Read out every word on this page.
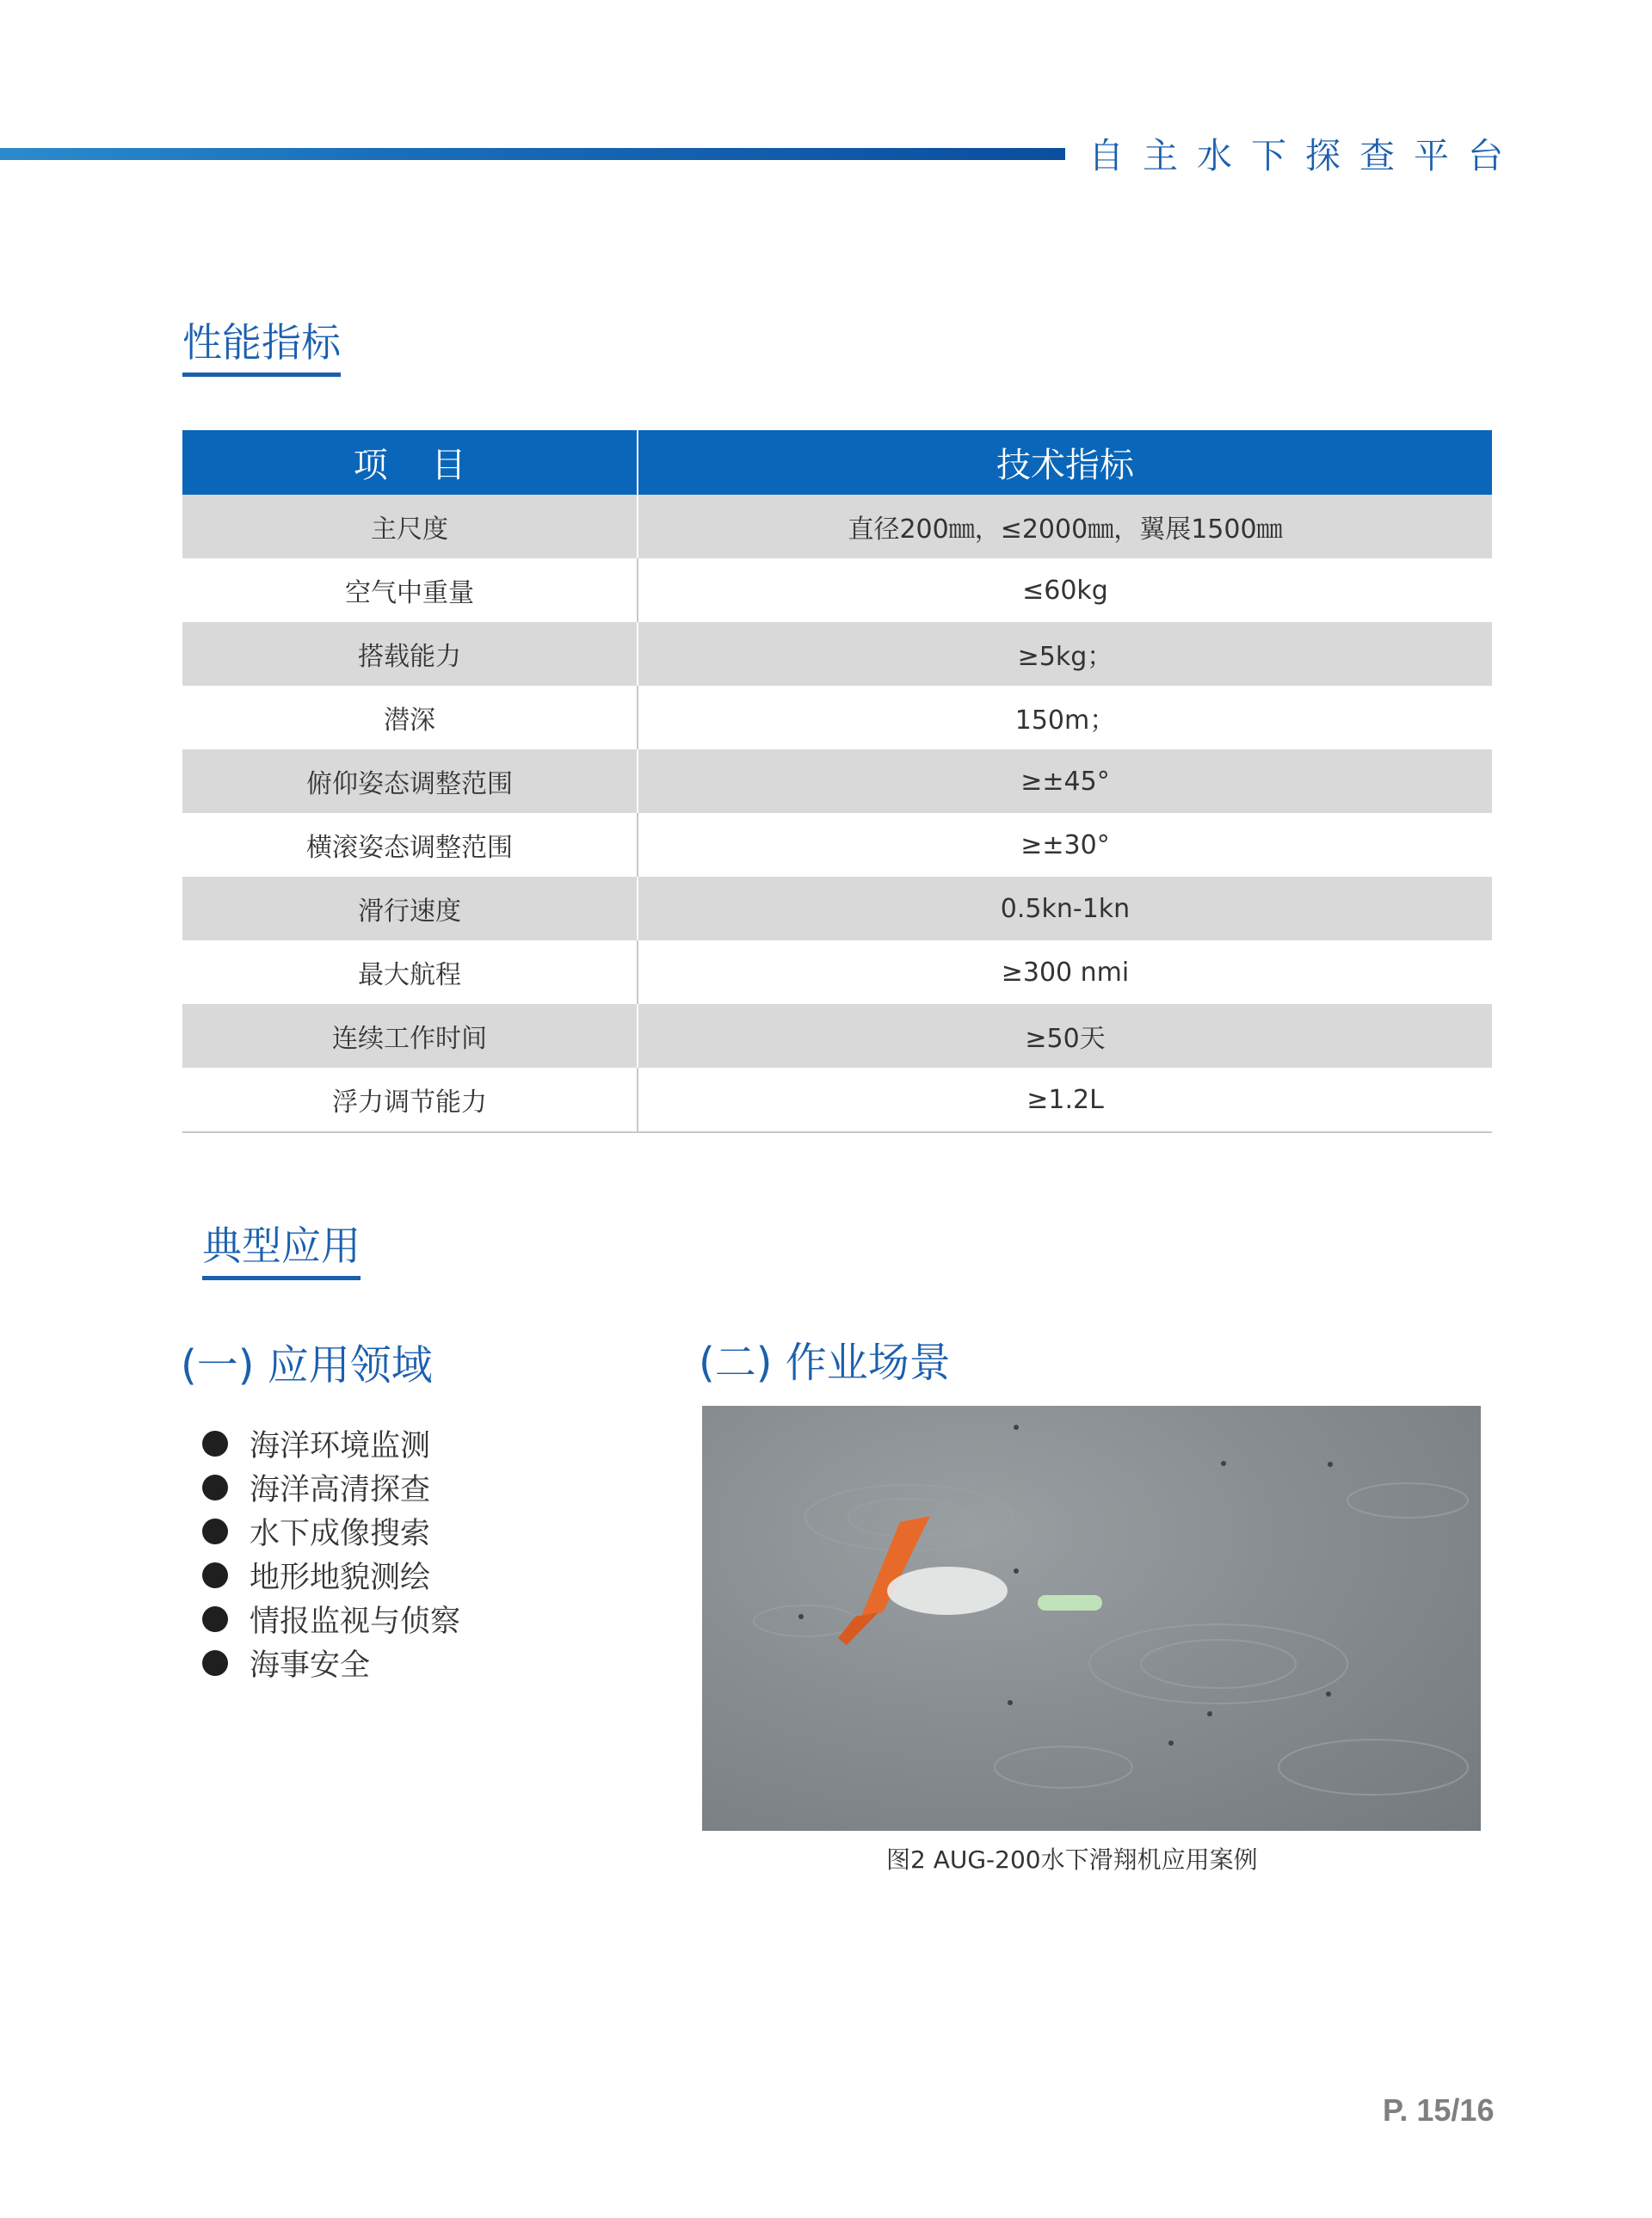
自主水下探查平台
性能指标
项    目	技术指标
主尺度	直径200㎜，≤2000㎜，翼展1500㎜
空气中重量	≤60kg
搭载能力	≥5kg；
潜深	150m；
俯仰姿态调整范围	≥±45°
横滚姿态调整范围	≥±30°
滑行速度	0.5kn-1kn
最大航程	≥300 nmi
连续工作时间	≥50天
浮力调节能力	≥1.2L
典型应用
(一) 应用领域	(二) 作业场景
海洋环境监测
海洋高清探查
水下成像搜索
地形地貌测绘
情报监视与侦察
海事安全
图2 AUG-200水下滑翔机应用案例
P. 15/16
